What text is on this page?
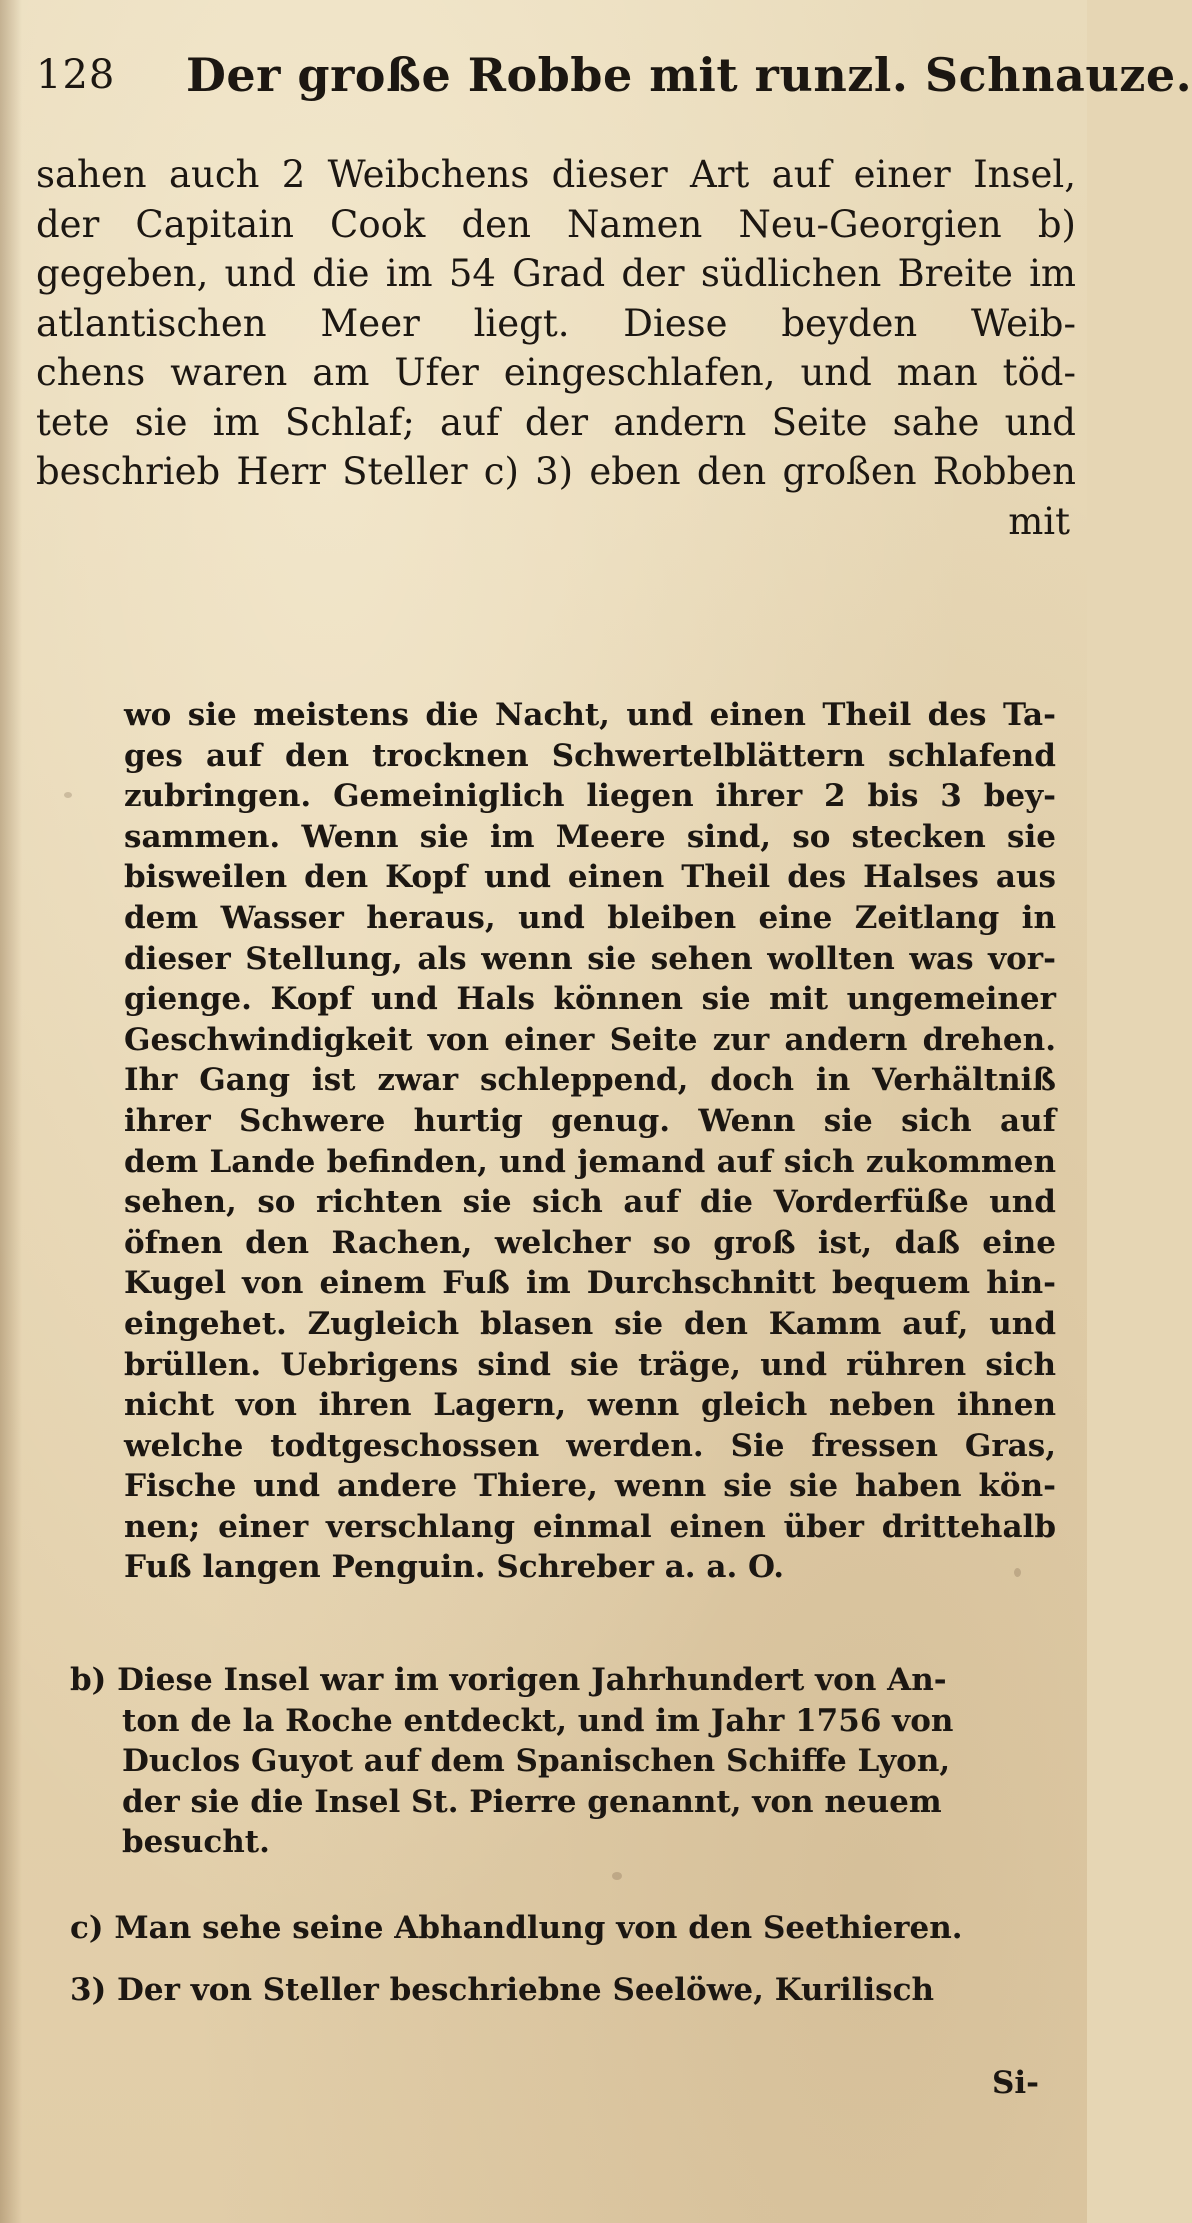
128 Der große Robbe mit runzl. Schnauze.
sahen auch 2 Weibchens dieser Art auf einer Insel,
der Capitain Cook den Namen Neu-Georgien b)
gegeben, und die im 54 Grad der südlichen Breite im
atlantischen Meer liegt. Diese beyden Weib-
chens waren am Ufer eingeschlafen, und man töd-
tete sie im Schlaf; auf der andern Seite sahe und
beschrieb Herr Steller c) 3) eben den großen Robben
mit
wo sie meistens die Nacht, und einen Theil des Ta-
ges auf den trocknen Schwertelblättern schlafend
zubringen. Gemeiniglich liegen ihrer 2 bis 3 bey-
sammen. Wenn sie im Meere sind, so stecken sie
bisweilen den Kopf und einen Theil des Halses aus
dem Wasser heraus, und bleiben eine Zeitlang in
dieser Stellung, als wenn sie sehen wollten was vor-
gienge. Kopf und Hals können sie mit ungemeiner
Geschwindigkeit von einer Seite zur andern drehen.
Ihr Gang ist zwar schleppend, doch in Verhältniß
ihrer Schwere hurtig genug. Wenn sie sich auf
dem Lande befinden, und jemand auf sich zukommen
sehen, so richten sie sich auf die Vorderfüße und
öfnen den Rachen, welcher so groß ist, daß eine
Kugel von einem Fuß im Durchschnitt bequem hin-
eingehet. Zugleich blasen sie den Kamm auf, und
brüllen. Uebrigens sind sie träge, und rühren sich
nicht von ihren Lagern, wenn gleich neben ihnen
welche todtgeschossen werden. Sie fressen Gras,
Fische und andere Thiere, wenn sie sie haben kön-
nen; einer verschlang einmal einen über drittehalb
Fuß langen Penguin. Schreber a. a. O.
b) Diese Insel war im vorigen Jahrhundert von An-
ton de la Roche entdeckt, und im Jahr 1756 von
Duclos Guyot auf dem Spanischen Schiffe Lyon,
der sie die Insel St. Pierre genannt, von neuem
besucht.
c) Man sehe seine Abhandlung von den Seethieren.
3) Der von Steller beschriebne Seelöwe, Kurilisch
Si-
